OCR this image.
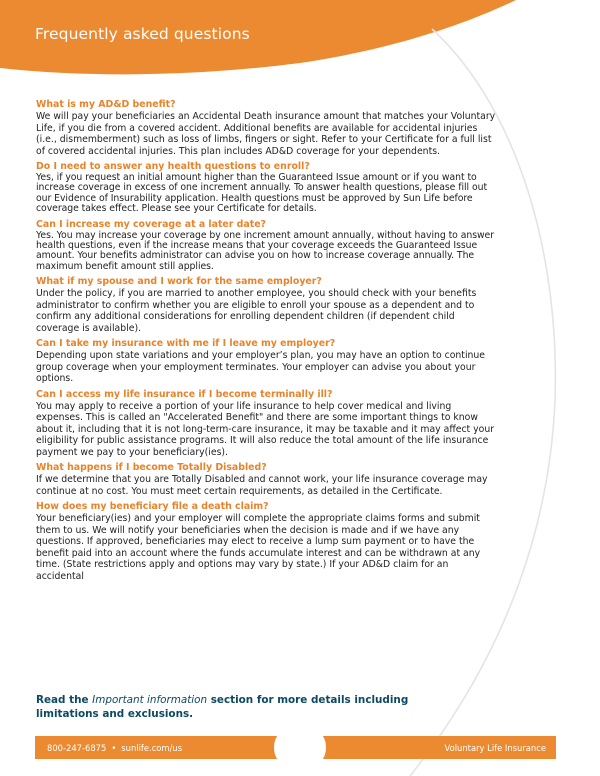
Frequently asked questions

What is my AD&D benefit?

We will pay your beneficiaries an Accidental Death insurance amount that matches your Voluntary Life, if you die from a covered accident. Additional benefits are available for accidental injuries (i.e., dismemberment) such as loss of limbs, fingers or sight. Refer to your Certificate for a full list of covered accidental injuries. This plan includes AD&D coverage for your dependents.

Do I need to answer any health questions to enroll?

Yes, if you request an initial amount higher than the Guaranteed Issue amount or if you want to increase coverage in excess of one increment annually. To answer health questions, please fill out our Evidence of Insurability application. Health questions must be approved by Sun Life before coverage takes effect. Please see your Certificate for details.

Can I increase my coverage at a later date?

Yes. You may increase your coverage by one increment amount annually, without having to answer health questions, even if the increase means that your coverage exceeds the Guaranteed Issue amount. Your benefits administrator can advise you on how to increase coverage annually. The maximum benefit amount still applies.

What if my spouse and I work for the same employer?

Under the policy, if you are married to another employee, you should check with your benefits administrator to confirm whether you are eligible to enroll your spouse as a dependent and to confirm any additional considerations for enrolling dependent children (if dependent child coverage is available).

Can I take my insurance with me if I leave my employer?

Depending upon state variations and your employer’s plan, you may have an option to continue group coverage when your employment terminates. Your employer can advise you about your options.

Can I access my life insurance if I become terminally ill?

You may apply to receive a portion of your life insurance to help cover medical and living expenses. This is called an "Accelerated Benefit" and there are some important things to know about it, including that it is not long-term-care insurance, it may be taxable and it may affect your eligibility for public assistance programs. It will also reduce the total amount of the life insurance payment we pay to your beneficiary(ies).

What happens if I become Totally Disabled?

If we determine that you are Totally Disabled and cannot work, your life insurance coverage may continue at no cost. You must meet certain requirements, as detailed in the Certificate.

How does my beneficiary file a death claim?

Your beneficiary(ies) and your employer will complete the appropriate claims forms and submit them to us. We will notify your beneficiaries when the decision is made and if we have any questions. If approved, beneficiaries may elect to receive a lump sum payment or to have the benefit paid into an account where the funds accumulate interest and can be withdrawn at any time. (State restrictions apply and options may vary by state.) If your AD&D claim for an accidental

Read the Important information section for more details including limitations and exclusions.
800-247-6875 • sunlife.com/us	Voluntary Life Insurance
